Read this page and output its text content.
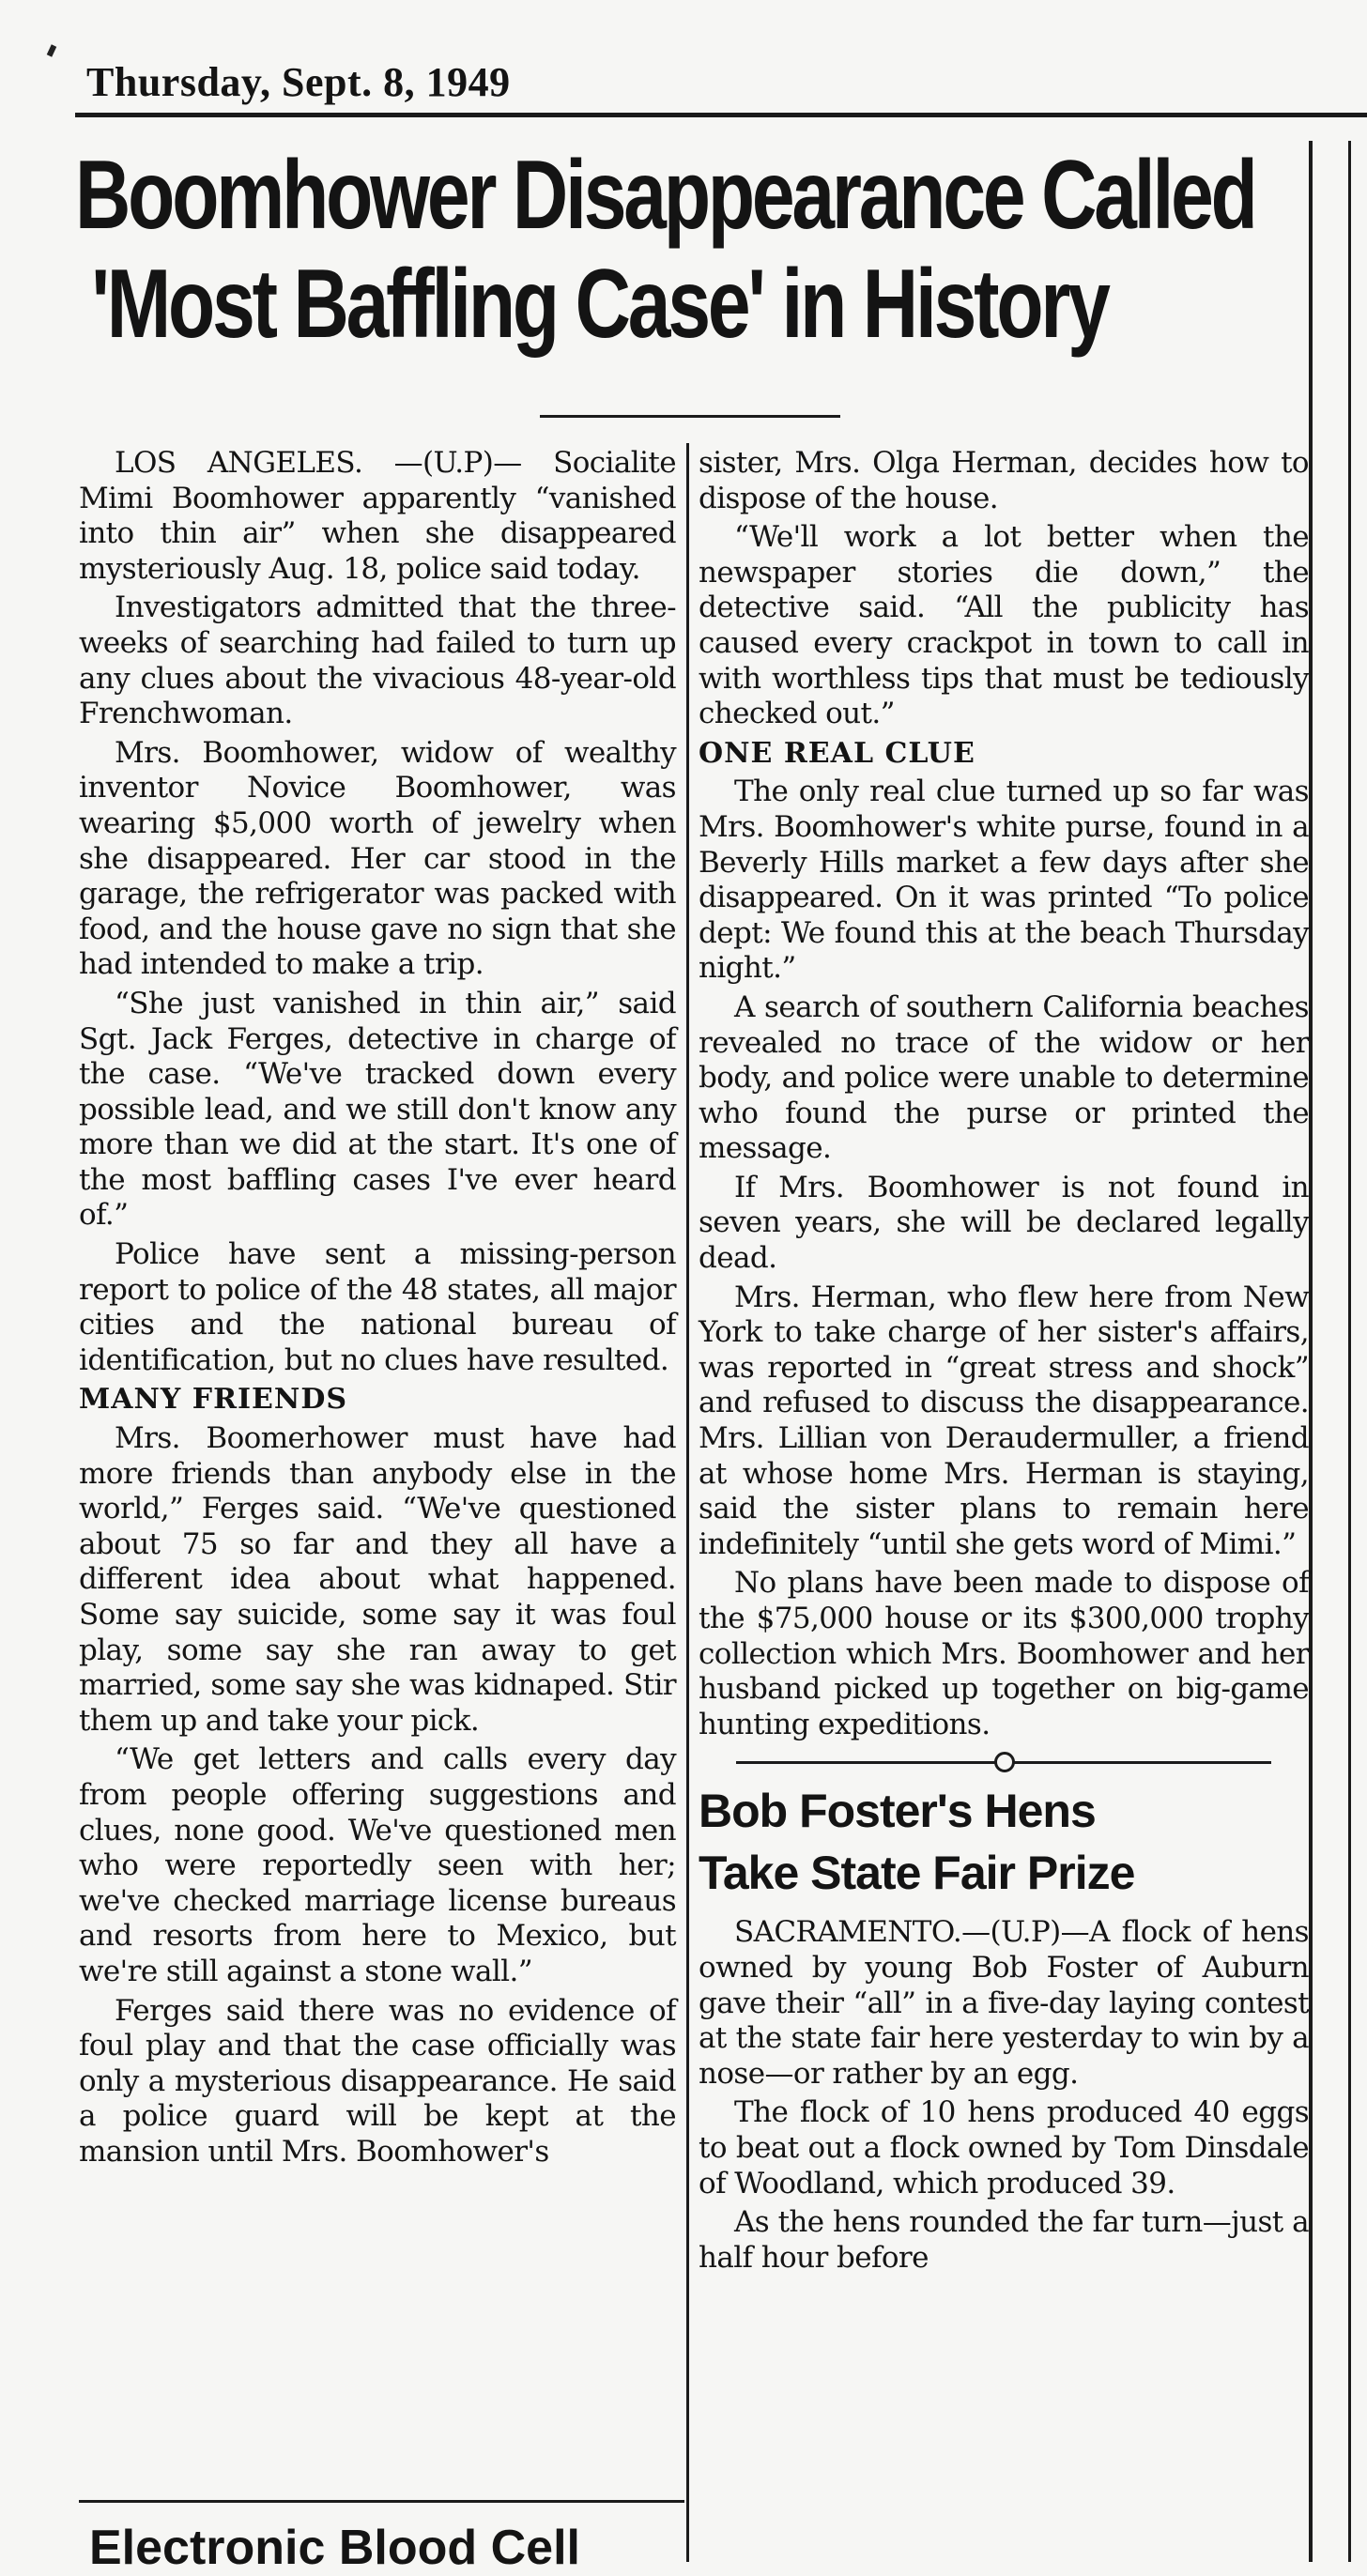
Thursday, Sept. 8, 1949
Boomhower Disappearance Called
'Most Baffling Case' in History

LOS ANGELES. —(U.P)— Socialite Mimi Boomhower apparently “vanished into thin air” when she disappeared mysteriously Aug. 18, police said today.

Investigators admitted that the three-weeks of searching had failed to turn up any clues about the vivacious 48-year-old Frenchwoman.

Mrs. Boomhower, widow of wealthy inventor Novice Boomhower, was wearing $5,000 worth of jewelry when she disappeared. Her car stood in the garage, the refrigerator was packed with food, and the house gave no sign that she had intended to make a trip.

“She just vanished in thin air,” said Sgt. Jack Ferges, detective in charge of the case. “We've tracked down every possible lead, and we still don't know any more than we did at the start. It's one of the most baffling cases I've ever heard of.”

Police have sent a missing-person report to police of the 48 states, all major cities and the national bureau of identification, but no clues have resulted.

MANY FRIENDS

Mrs. Boomerhower must have had more friends than anybody else in the world,” Ferges said. “We've questioned about 75 so far and they all have a different idea about what happened. Some say suicide, some say it was foul play, some say she ran away to get married, some say she was kidnaped. Stir them up and take your pick.

“We get letters and calls every day from people offering suggestions and clues, none good. We've questioned men who were reportedly seen with her; we've checked marriage license bureaus and resorts from here to Mexico, but we're still against a stone wall.”

Ferges said there was no evidence of foul play and that the case officially was only a mysterious disappearance. He said a police guard will be kept at the mansion until Mrs. Boomhower's

sister, Mrs. Olga Herman, decides how to dispose of the house.

“We'll work a lot better when the newspaper stories die down,” the detective said. “All the publicity has caused every crackpot in town to call in with worthless tips that must be tediously checked out.”

ONE REAL CLUE

The only real clue turned up so far was Mrs. Boomhower's white purse, found in a Beverly Hills market a few days after she disappeared. On it was printed “To police dept: We found this at the beach Thursday night.”

A search of southern California beaches revealed no trace of the widow or her body, and police were unable to determine who found the purse or printed the message.

If Mrs. Boomhower is not found in seven years, she will be declared legally dead.

Mrs. Herman, who flew here from New York to take charge of her sister's affairs, was reported in “great stress and shock” and refused to discuss the disappearance. Mrs. Lillian von Deraudermuller, a friend at whose home Mrs. Herman is staying, said the sister plans to remain here indefinitely “until she gets word of Mimi.”

No plans have been made to dispose of the $75,000 house or its $300,000 trophy collection which Mrs. Boomhower and her husband picked up together on big-game hunting expeditions.

Bob Foster's Hens
Take State Fair Prize

SACRAMENTO.—(U.P)—A flock of hens owned by young Bob Foster of Auburn gave their “all” in a five-day laying contest at the state fair here yesterday to win by a nose—or rather by an egg.

The flock of 10 hens produced 40 eggs to beat out a flock owned by Tom Dinsdale of Woodland, which produced 39.

As the hens rounded the far turn—just a half hour before

Electronic Blood Cell
